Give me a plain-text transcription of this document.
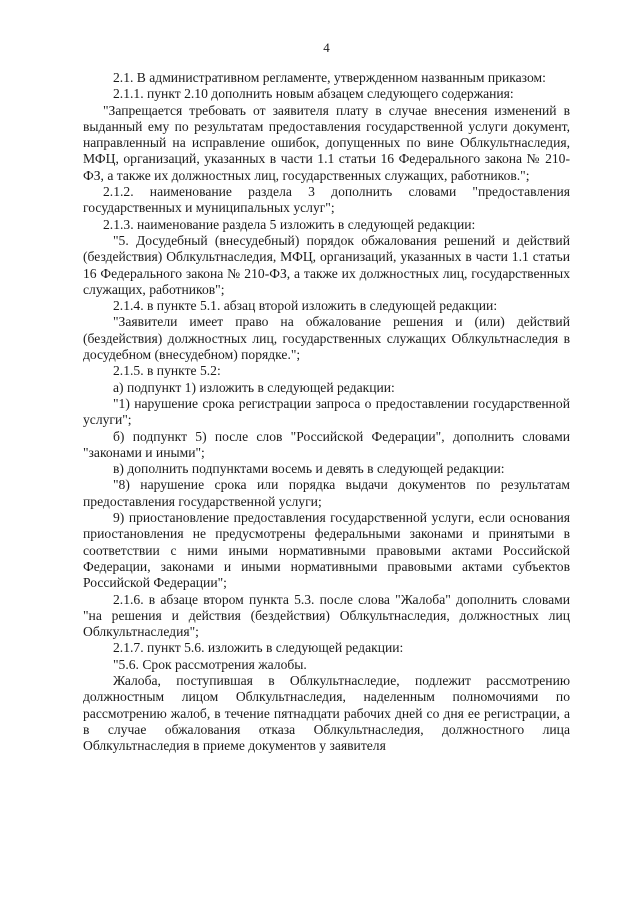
4

2.1. В административном регламенте, утвержденном названным приказом:

2.1.1. пункт 2.10 дополнить новым абзацем следующего содержания:

"Запрещается требовать от заявителя плату в случае внесения изменений в выданный ему по результатам предоставления государственной услуги документ, направленный на исправление ошибок, допущенных по вине Облкультнаследия, МФЦ, организаций, указанных в части 1.1 статьи 16 Федерального закона № 210-ФЗ, а также их должностных лиц, государственных служащих, работников.";

2.1.2. наименование раздела 3 дополнить словами "предоставления государственных и муниципальных услуг";

2.1.3. наименование раздела 5 изложить в следующей редакции:

"5. Досудебный (внесудебный) порядок обжалования решений и действий (бездействия) Облкультнаследия, МФЦ, организаций, указанных в части 1.1 статьи 16 Федерального закона № 210-ФЗ, а также их должностных лиц, государственных служащих, работников";

2.1.4. в пункте 5.1. абзац второй изложить в следующей редакции:

"Заявители имеет право на обжалование решения и (или) действий (бездействия) должностных лиц, государственных служащих Облкультнаследия в досудебном (внесудебном) порядке.";

2.1.5. в пункте 5.2:

а) подпункт 1) изложить в следующей редакции:

"1) нарушение срока регистрации запроса о предоставлении государственной услуги";

б) подпункт 5) после слов "Российской Федерации", дополнить словами "законами и иными";

в) дополнить подпунктами восемь и девять в следующей редакции:

"8) нарушение срока или порядка выдачи документов по результатам предоставления государственной услуги;

9) приостановление предоставления государственной услуги, если основания приостановления не предусмотрены федеральными законами и принятыми в соответствии с ними иными нормативными правовыми актами Российской Федерации, законами и иными нормативными правовыми актами субъектов Российской Федерации";

2.1.6. в абзаце втором пункта 5.3. после слова "Жалоба" дополнить словами "на решения и действия (бездействия) Облкультнаследия, должностных лиц Облкультнаследия";

2.1.7. пункт 5.6. изложить в следующей редакции:

"5.6. Срок рассмотрения жалобы.

Жалоба, поступившая в Облкультнаследие, подлежит рассмотрению должностным лицом Облкультнаследия, наделенным полномочиями по рассмотрению жалоб, в течение пятнадцати рабочих дней со дня ее регистрации, а в случае обжалования отказа Облкультнаследия, должностного лица Облкультнаследия в приеме документов у заявителя
